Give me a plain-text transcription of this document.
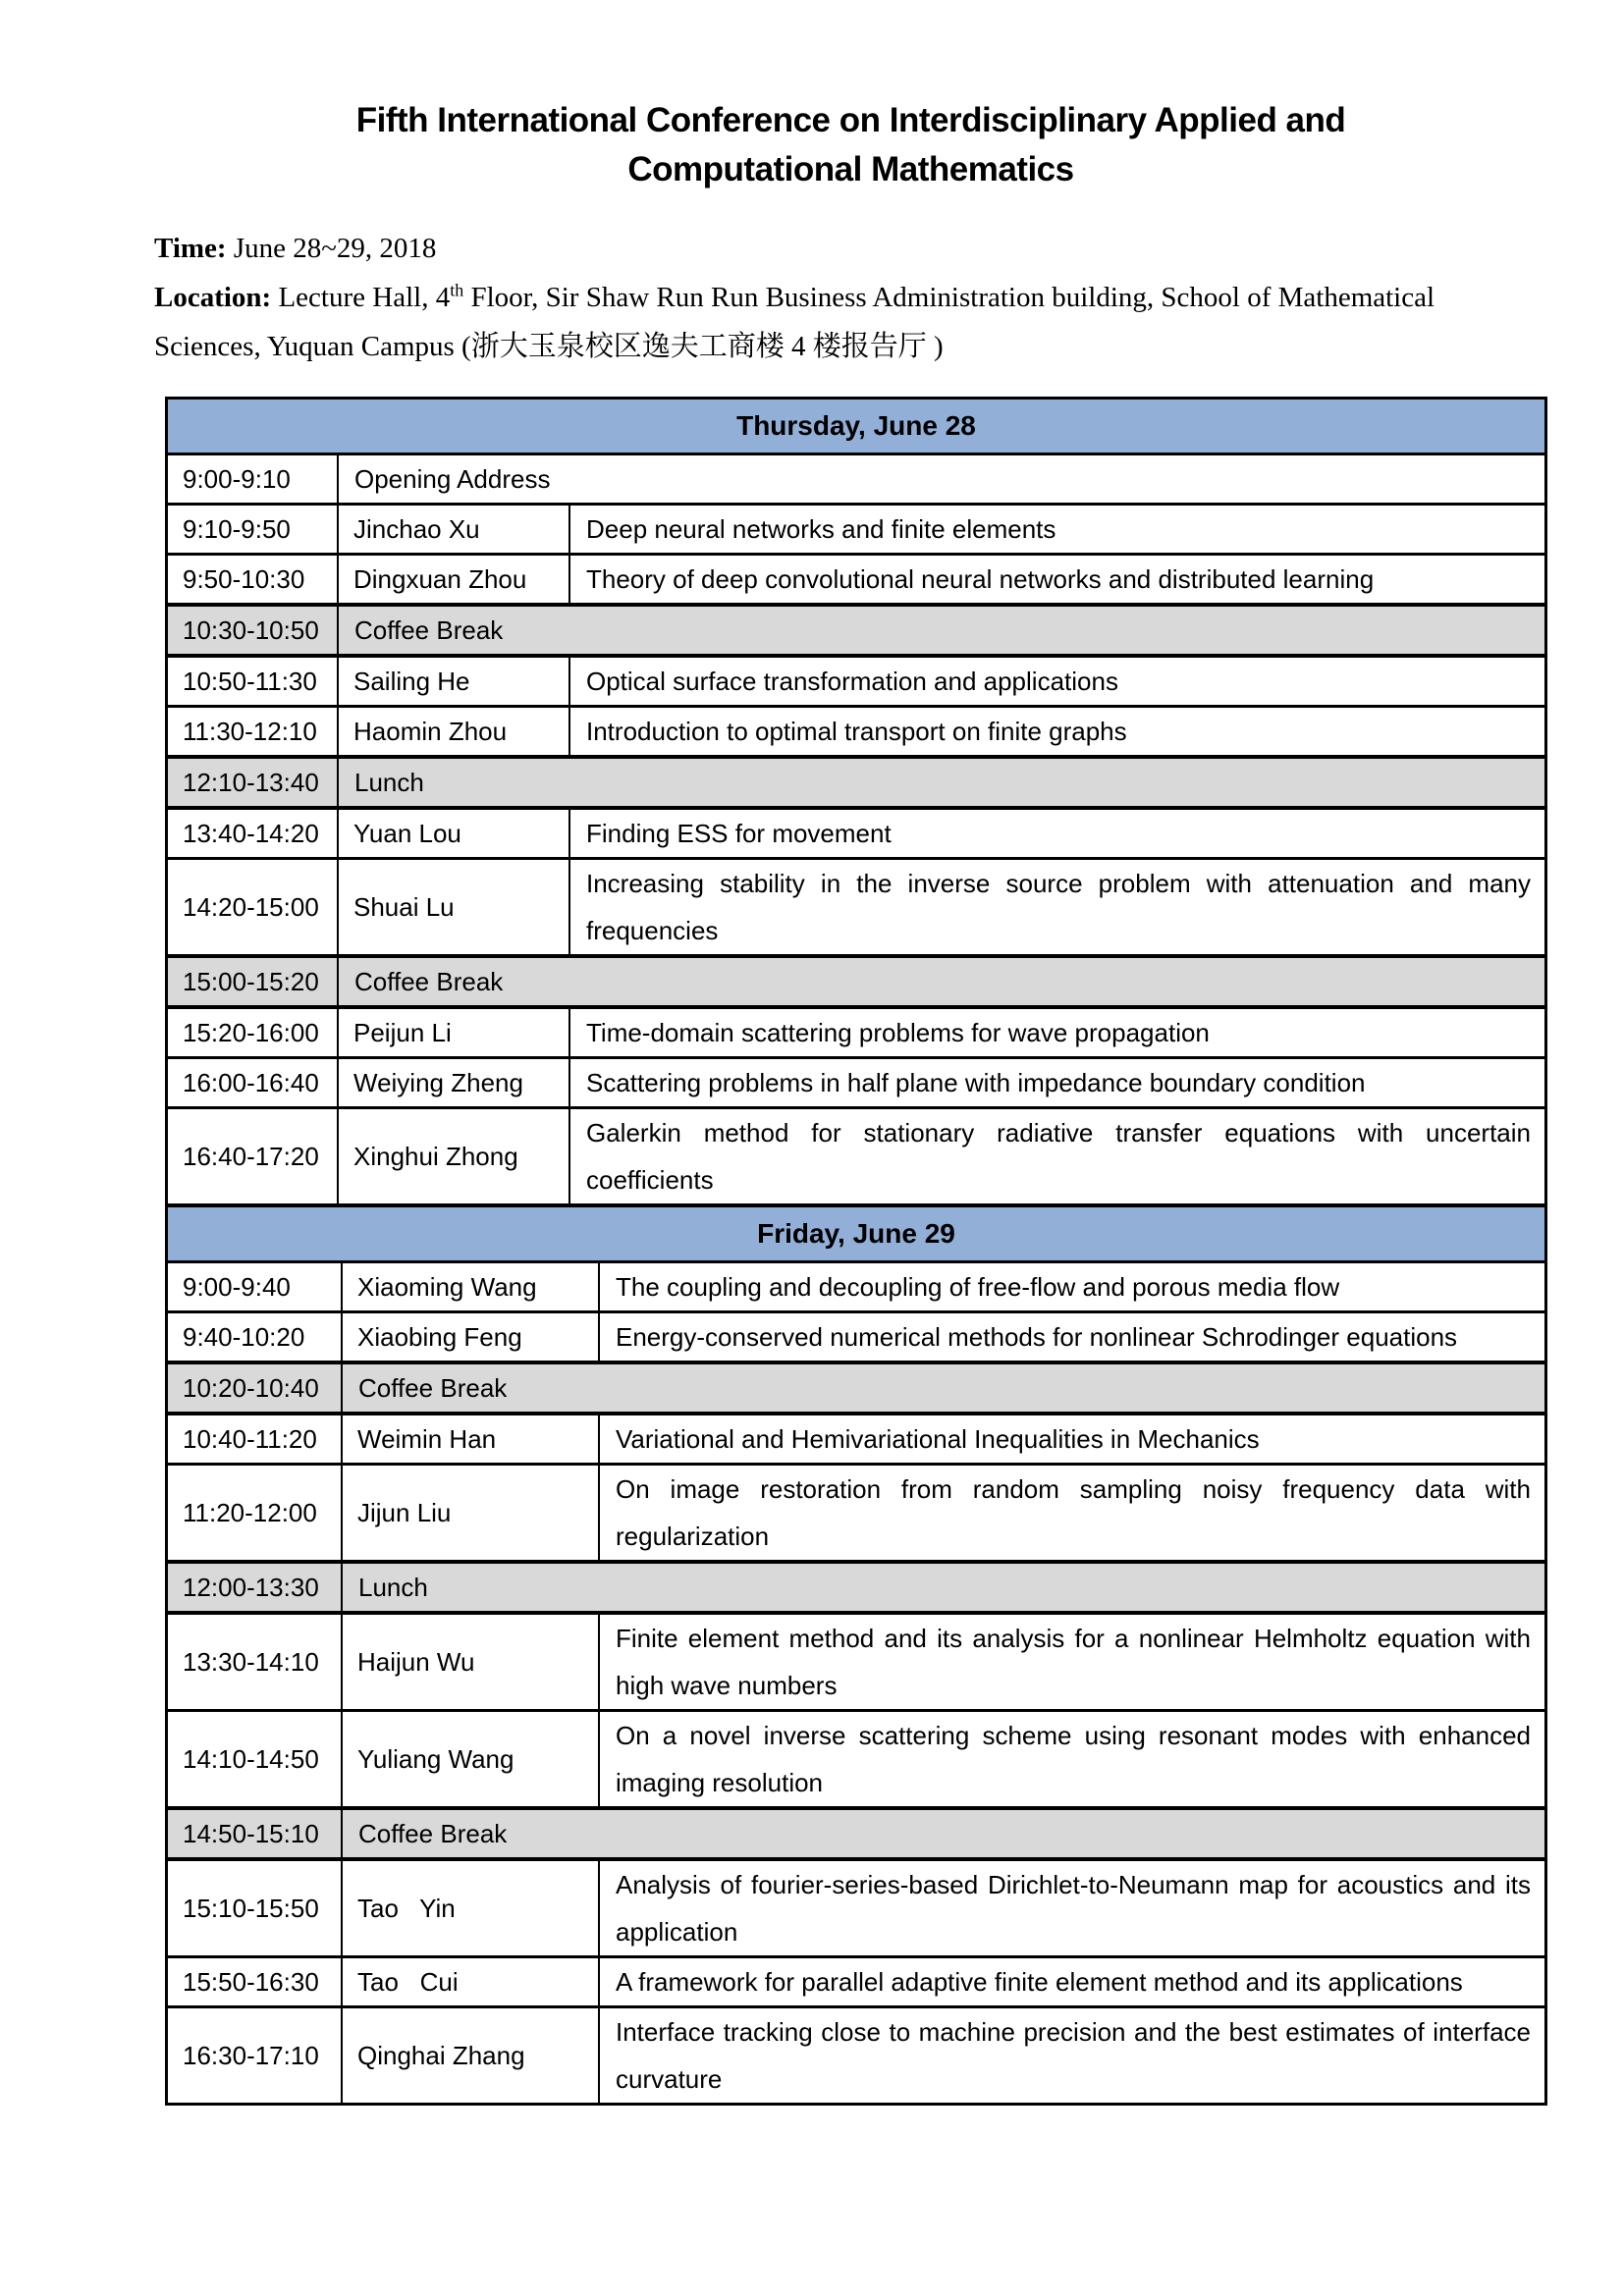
Fifth International Conference on Interdisciplinary Applied and
Computational Mathematics

Time: June 28~29, 2018

Location: Lecture Hall, 4th Floor, Sir Shaw Run Run Business Administration building, School of Mathematical Sciences, Yuquan Campus (浙大玉泉校区逸夫工商楼 4 楼报告厅 )

Thursday, June 28		
9:00-9:10	Opening Address	
9:10-9:50	Jinchao Xu	Deep neural networks and finite elements
9:50-10:30	Dingxuan Zhou	Theory of deep convolutional neural networks and distributed learning
10:30-10:50	Coffee Break	
10:50-11:30	Sailing He	Optical surface transformation and applications
11:30-12:10	Haomin Zhou	Introduction to optimal transport on finite graphs
12:10-13:40	Lunch	
13:40-14:20	Yuan Lou	Finding ESS for movement
14:20-15:00	Shuai Lu	Increasing stability in the inverse source problem with attenuation and many frequencies
15:00-15:20	Coffee Break	
15:20-16:00	Peijun Li	Time-domain scattering problems for wave propagation
16:00-16:40	Weiying Zheng	Scattering problems in half plane with impedance boundary condition
16:40-17:20	Xinghui Zhong	Galerkin method for stationary radiative transfer equations with uncertain coefficients
Friday, June 29		
9:00-9:40	Xiaoming Wang	The coupling and decoupling of free-flow and porous media flow
9:40-10:20	Xiaobing Feng	Energy-conserved numerical methods for nonlinear Schrodinger equations
10:20-10:40	Coffee Break	
10:40-11:20	Weimin Han	Variational and Hemivariational Inequalities in Mechanics
11:20-12:00	Jijun Liu	On image restoration from random sampling noisy frequency data with regularization
12:00-13:30	Lunch	
13:30-14:10	Haijun Wu	Finite element method and its analysis for a nonlinear Helmholtz equation with high wave numbers
14:10-14:50	Yuliang Wang	On a novel inverse scattering scheme using resonant modes with enhanced imaging resolution
14:50-15:10	Coffee Break	
15:10-15:50	Tao   Yin	Analysis of fourier-series-based Dirichlet-to-Neumann map for acoustics and its application
15:50-16:30	Tao   Cui	A framework for parallel adaptive finite element method and its applications
16:30-17:10	Qinghai Zhang	Interface tracking close to machine precision and the best estimates of interface curvature
